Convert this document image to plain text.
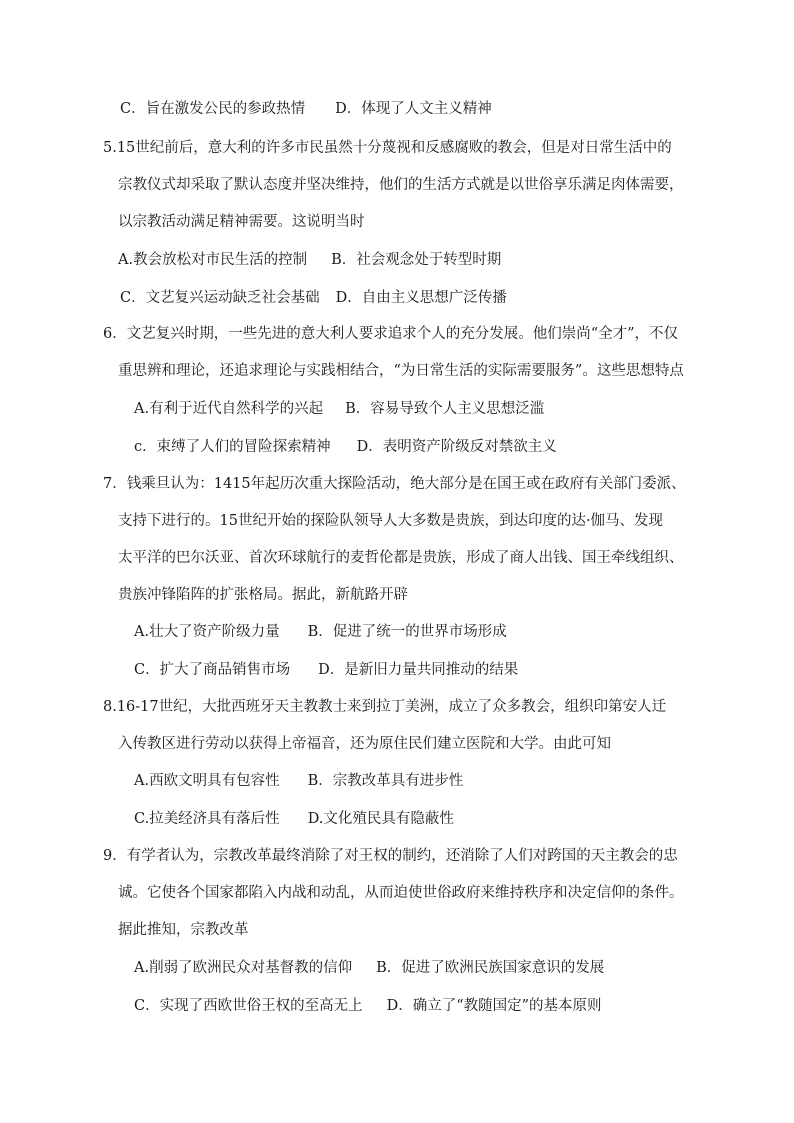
C．旨在激发公民的参政热情 D．体现了人文主义精神
5.15世纪前后，意大利的许多市民虽然十分蔑视和反感腐败的教会，但是对日常生活中的
宗教仪式却采取了默认态度并坚决维持，他们的生活方式就是以世俗享乐满足肉体需要，
以宗教活动满足精神需要。这说明当时
A.教会放松对市民生活的控制 B．社会观念处于转型时期
C．文艺复兴运动缺乏社会基础 D．自由主义思想广泛传播
6．文艺复兴时期，一些先进的意大利人要求追求个人的充分发展。他们崇尚“全才”，不仅
重思辨和理论，还追求理论与实践相结合，“为日常生活的实际需要服务”。这些思想特点
A.有利于近代自然科学的兴起 B．容易导致个人主义思想泛滥
c．束缚了人们的冒险探索精神 D．表明资产阶级反对禁欲主义
7．钱乘旦认为：1415年起历次重大探险活动，绝大部分是在国王或在政府有关部门委派、
支持下进行的。15世纪开始的探险队领导人大多数是贵族，到达印度的达·伽马、发现
太平洋的巴尔沃亚、首次环球航行的麦哲伦都是贵族，形成了商人出钱、国王牵线组织、
贵族冲锋陷阵的扩张格局。据此，新航路开辟
A.壮大了资产阶级力量 B．促进了统一的世界市场形成
C．扩大了商品销售市场 D．是新旧力量共同推动的结果
8.16-17世纪，大批西班牙天主教教士来到拉丁美洲，成立了众多教会，组织印第安人迁
入传教区进行劳动以获得上帝福音，还为原住民们建立医院和大学。由此可知
A.西欧文明具有包容性 B．宗教改革具有进步性
C.拉美经济具有落后性 D.文化殖民具有隐蔽性
9．有学者认为，宗教改革最终消除了对王权的制约，还消除了人们对跨国的天主教会的忠
诚。它使各个国家都陷入内战和动乱，从而迫使世俗政府来维持秩序和决定信仰的条件。
据此推知，宗教改革
A.削弱了欧洲民众对基督教的信仰 B．促进了欧洲民族国家意识的发展
C．实现了西欧世俗王权的至高无上 D．确立了“教随国定”的基本原则
